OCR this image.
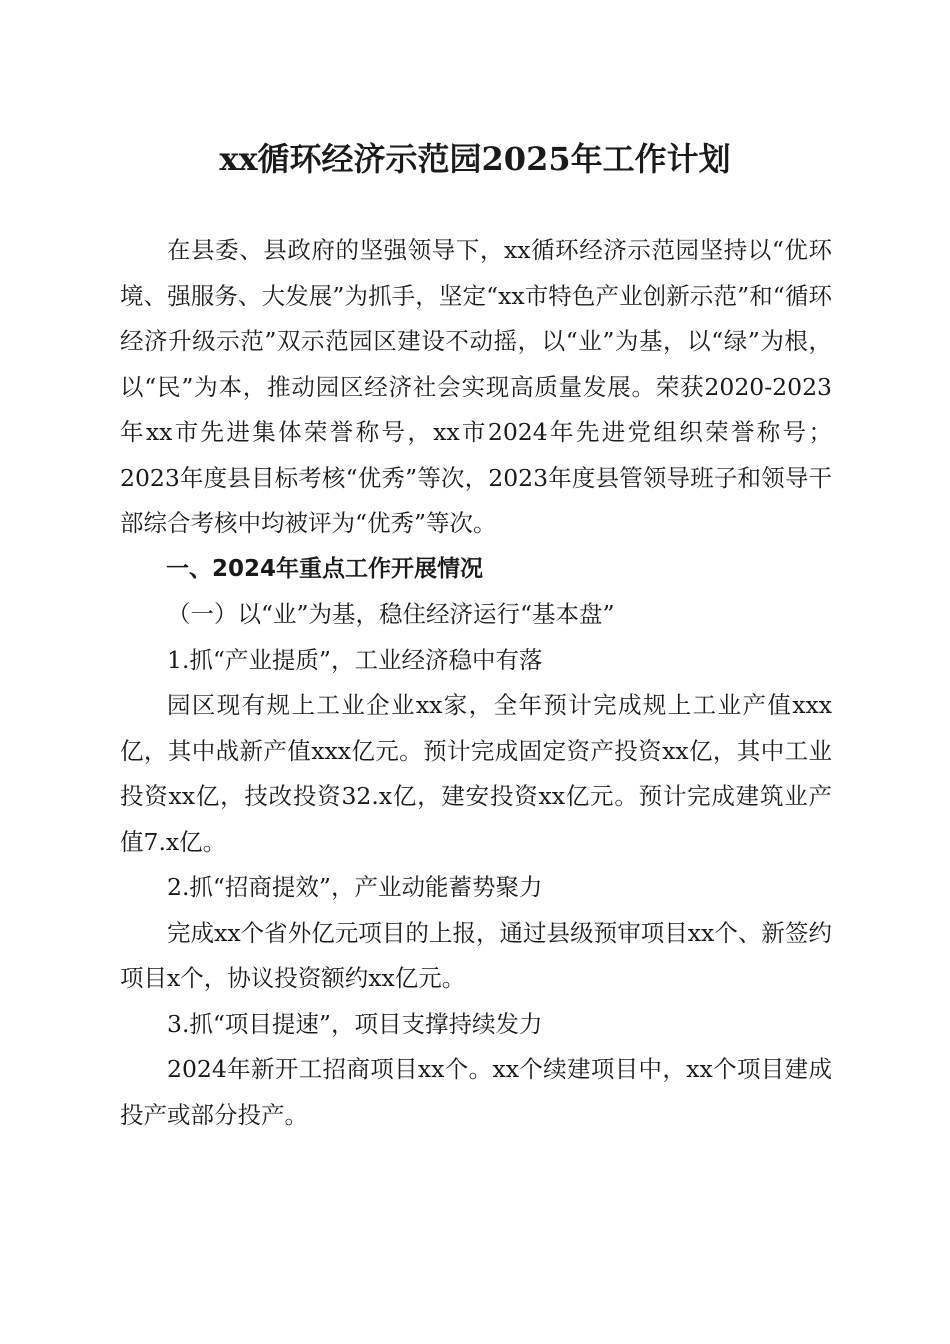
xx循环经济示范园2025年工作计划

在县委、县政府的坚强领导下，xx循环经济示范园坚持以“优环境、强服务、大发展”为抓手，坚定“xx市特色产业创新示范”和“循环经济升级示范”双示范园区建设不动摇，以“业”为基，以“绿”为根，以“民”为本，推动园区经济社会实现高质量发展。荣获2020-2023年xx市先进集体荣誉称号，xx市2024年先进党组织荣誉称号；2023年度县目标考核“优秀”等次，2023年度县管领导班子和领导干部综合考核中均被评为“优秀”等次。

一、2024年重点工作开展情况

（一）以“业”为基，稳住经济运行“基本盘”

1.抓“产业提质”，工业经济稳中有落

园区现有规上工业企业xx家，全年预计完成规上工业产值xxx亿，其中战新产值xxx亿元。预计完成固定资产投资xx亿，其中工业投资xx亿，技改投资32.x亿，建安投资xx亿元。预计完成建筑业产值7.x亿。

2.抓“招商提效”，产业动能蓄势聚力

完成xx个省外亿元项目的上报，通过县级预审项目xx个、新签约项目x个，协议投资额约xx亿元。

3.抓“项目提速”，项目支撑持续发力

2024年新开工招商项目xx个。xx个续建项目中，xx个项目建成投产或部分投产。
